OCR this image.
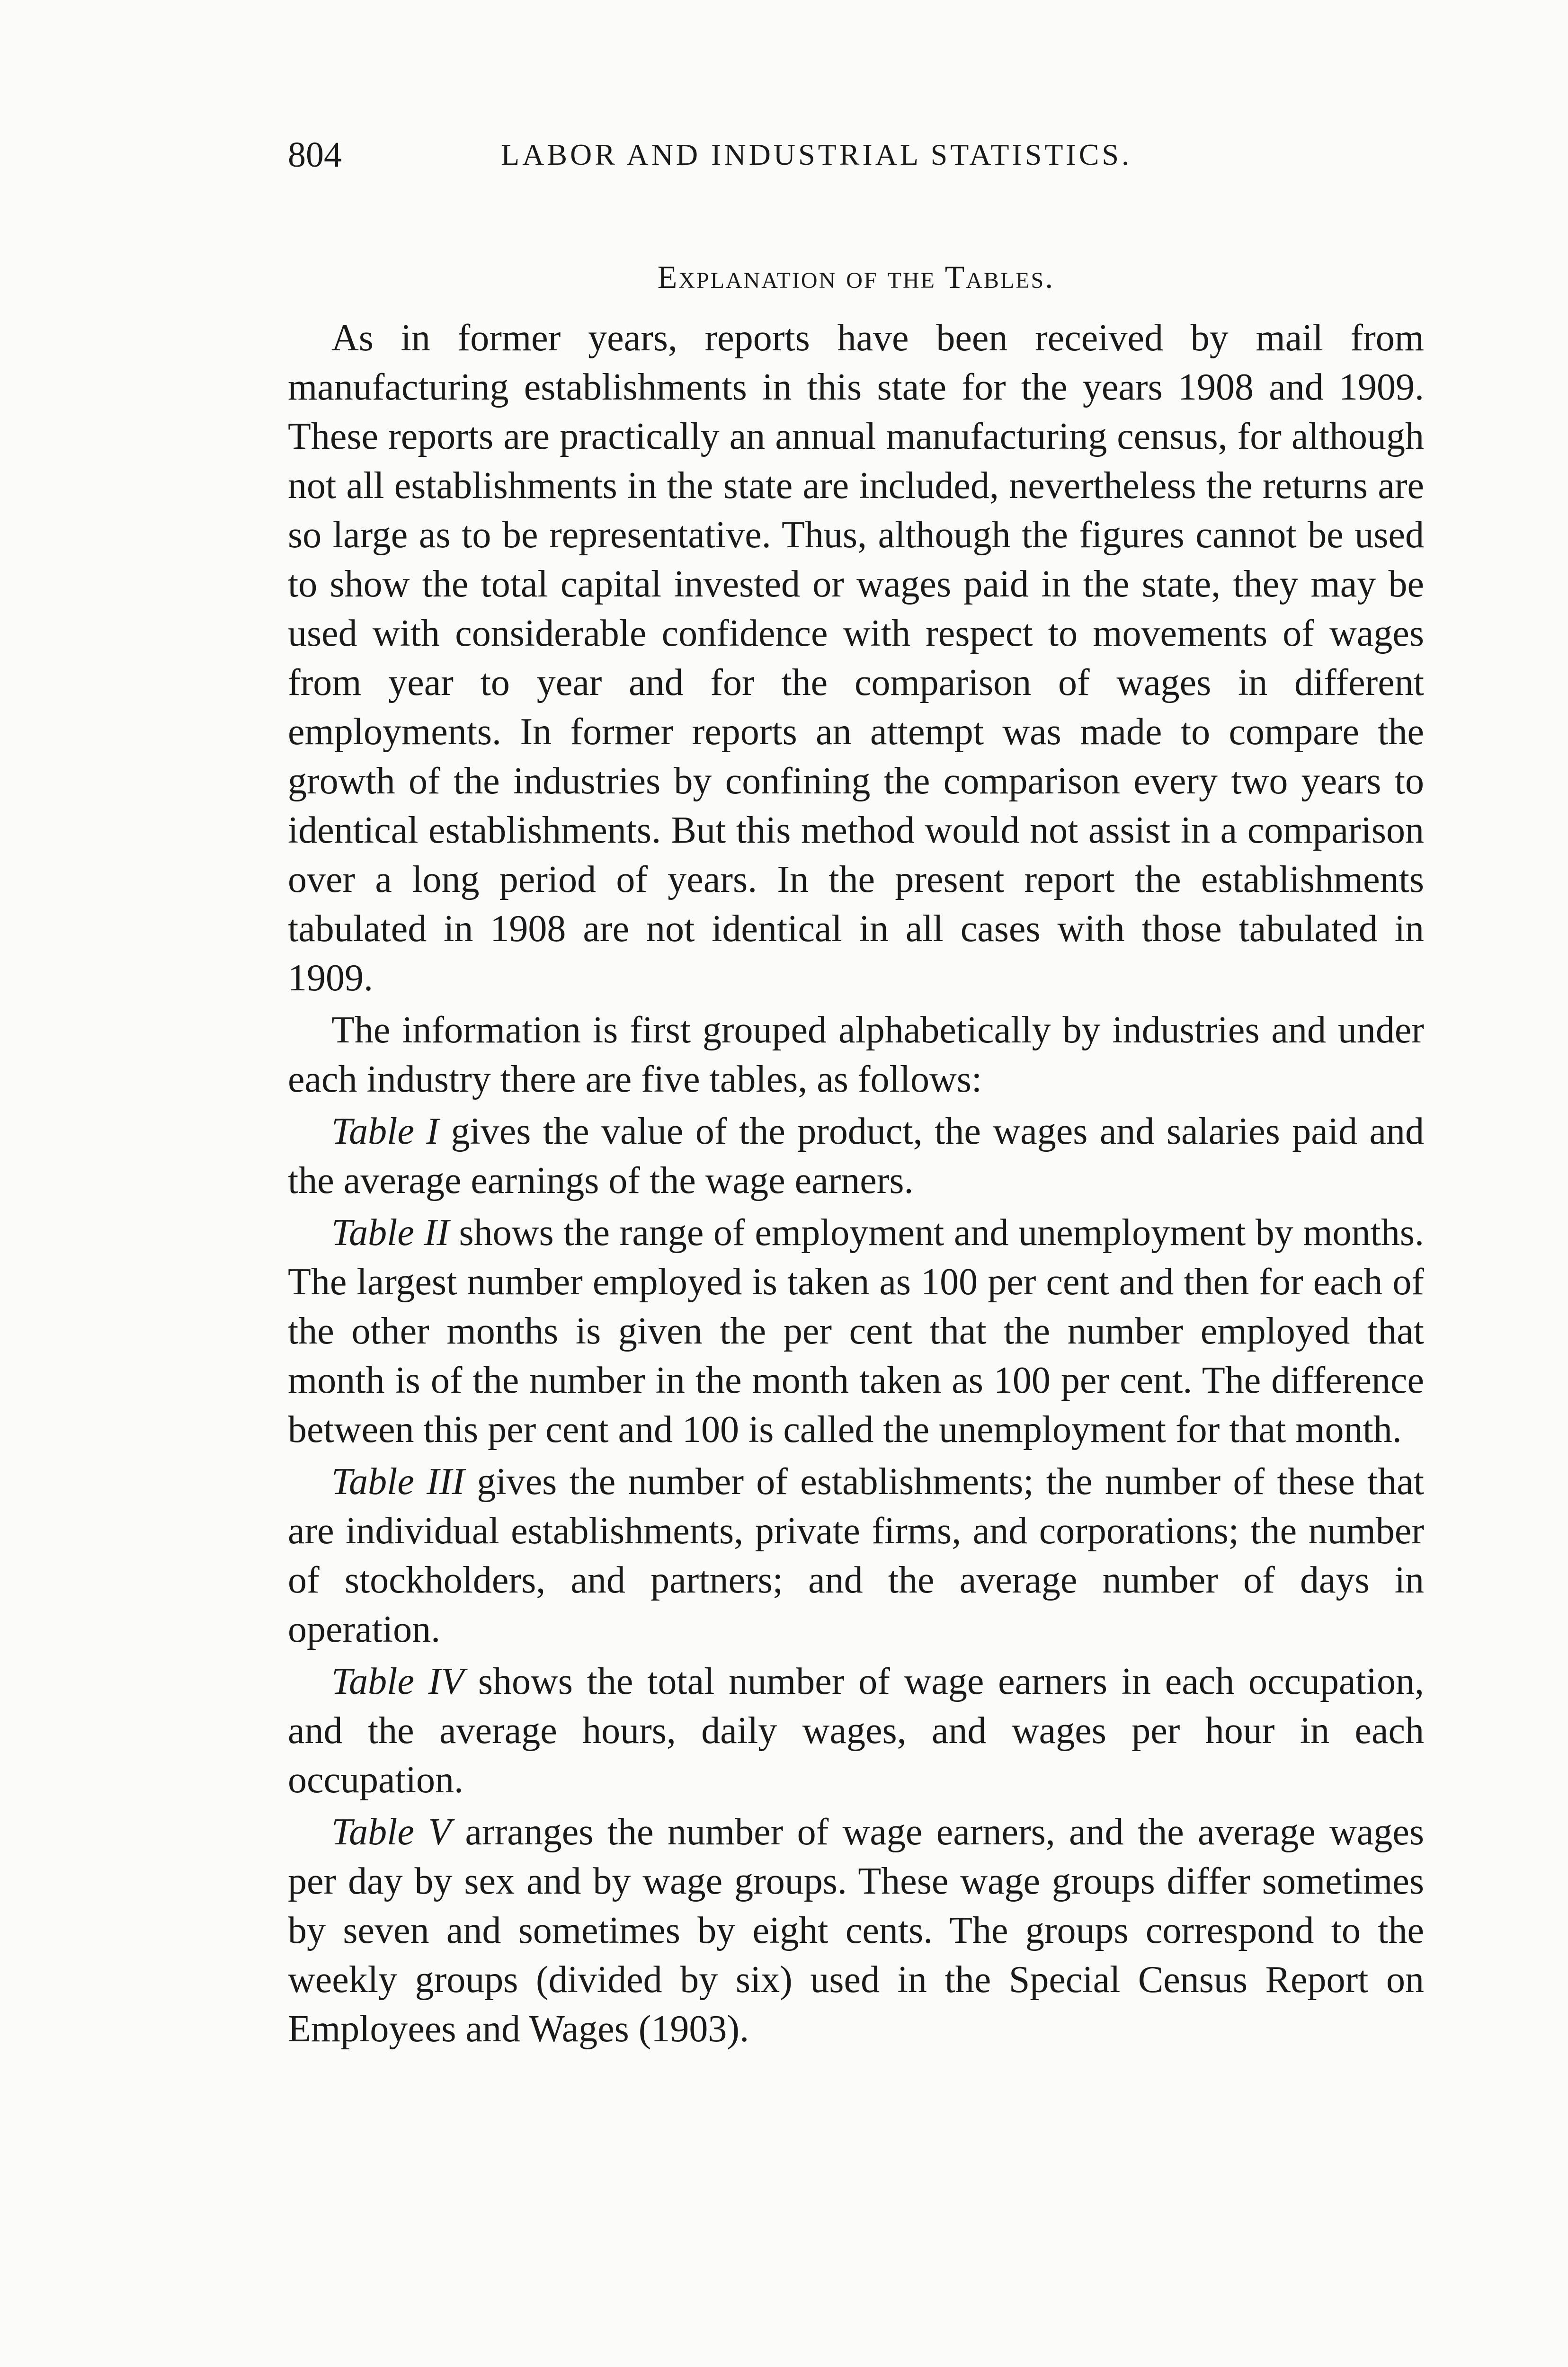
804	LABOR AND INDUSTRIAL STATISTICS.
Explanation of the Tables.

As in former years, reports have been received by mail from manufacturing establishments in this state for the years 1908 and 1909. These reports are practically an annual manufacturing census, for although not all establishments in the state are included, nevertheless the returns are so large as to be representative. Thus, although the figures cannot be used to show the total capital invested or wages paid in the state, they may be used with considerable confidence with respect to movements of wages from year to year and for the comparison of wages in different employments. In former reports an attempt was made to compare the growth of the industries by confining the comparison every two years to identical establishments. But this method would not assist in a comparison over a long period of years. In the present report the establishments tabulated in 1908 are not identical in all cases with those tabulated in 1909.

The information is first grouped alphabetically by industries and under each industry there are five tables, as follows:

Table I gives the value of the product, the wages and salaries paid and the average earnings of the wage earners.

Table II shows the range of employment and unemployment by months. The largest number employed is taken as 100 per cent and then for each of the other months is given the per cent that the number employed that month is of the number in the month taken as 100 per cent. The difference between this per cent and 100 is called the unemployment for that month.

Table III gives the number of establishments; the number of these that are individual establishments, private firms, and corporations; the number of stockholders, and partners; and the average number of days in operation.

Table IV shows the total number of wage earners in each occupation, and the average hours, daily wages, and wages per hour in each occupation.

Table V arranges the number of wage earners, and the average wages per day by sex and by wage groups. These wage groups differ sometimes by seven and sometimes by eight cents. The groups correspond to the weekly groups (divided by six) used in the Special Census Report on Employees and Wages (1903).
